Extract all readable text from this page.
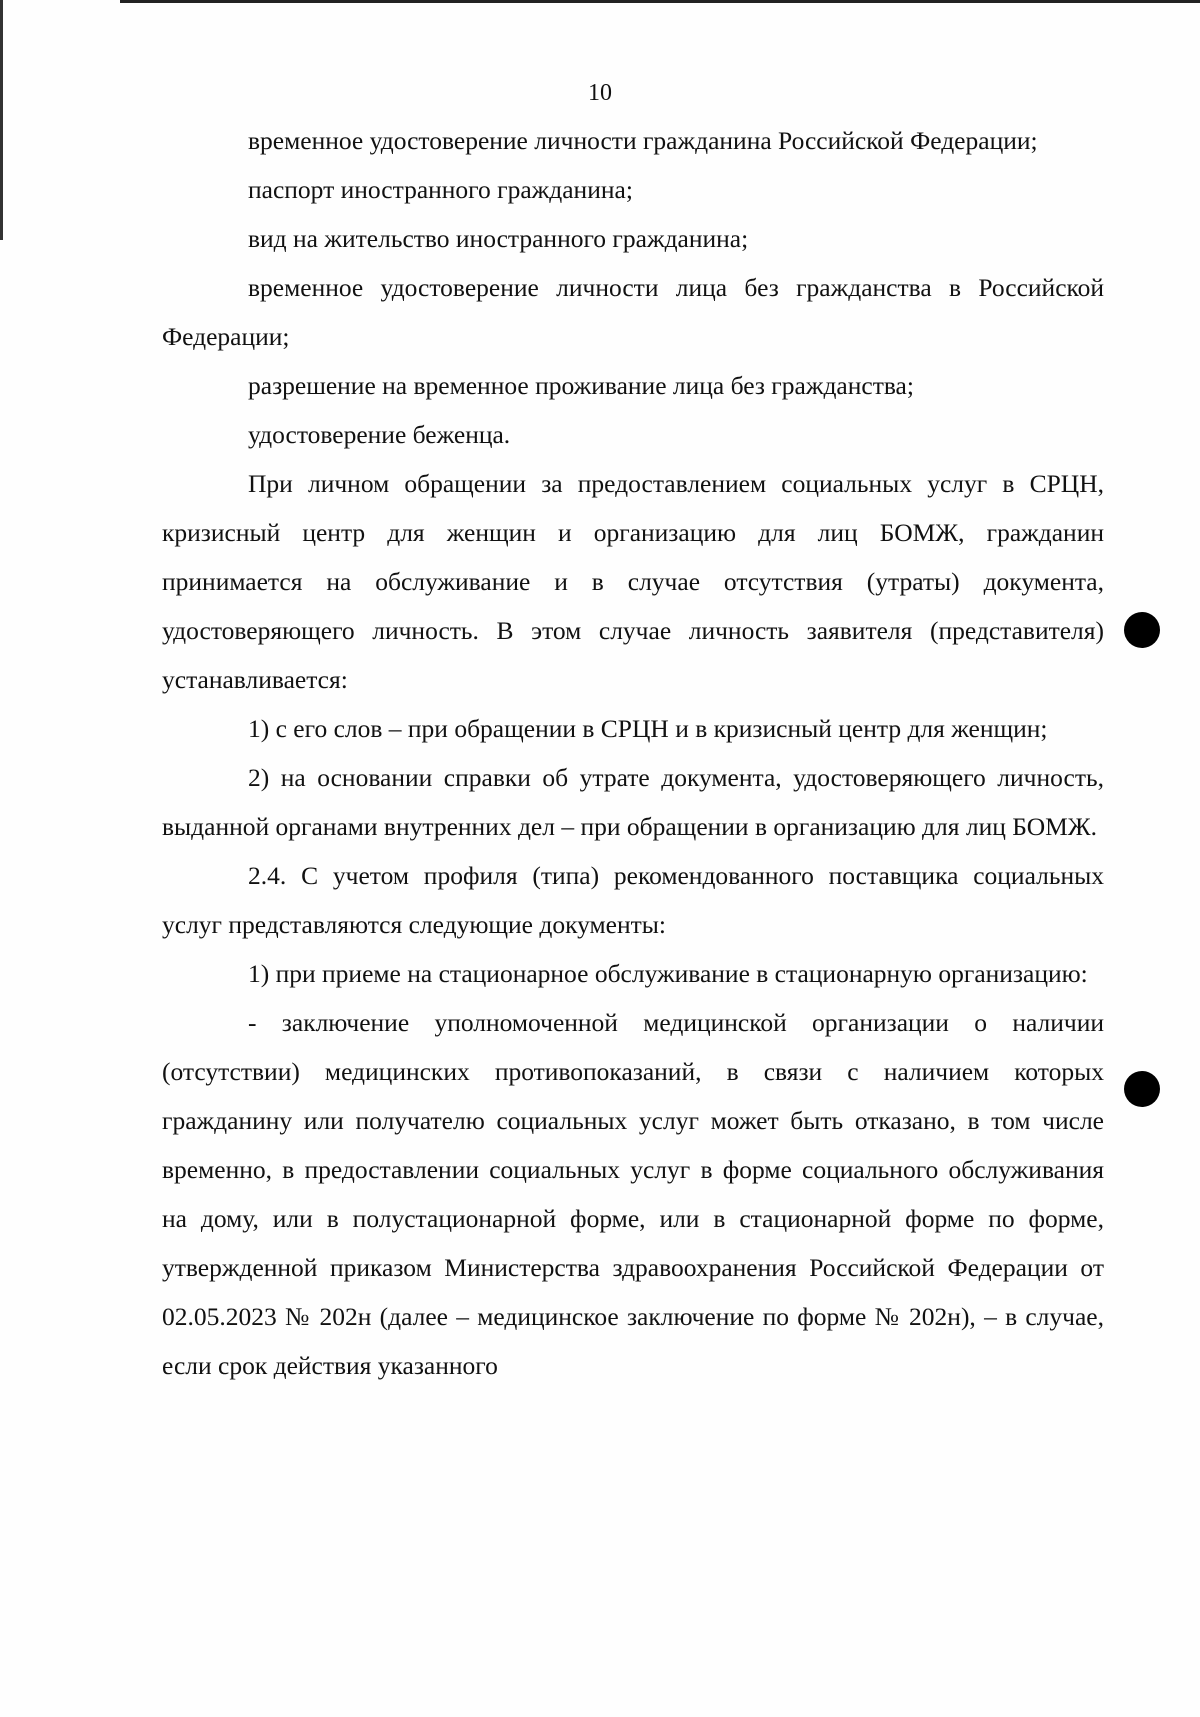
10

временное удостоверение личности гражданина Российской Федерации;

паспорт иностранного гражданина;

вид на жительство иностранного гражданина;

временное удостоверение личности лица без гражданства в Российской Федерации;

разрешение на временное проживание лица без гражданства;

удостоверение беженца.

При личном обращении за предоставлением социальных услуг в СРЦН, кризисный центр для женщин и организацию для лиц БОМЖ, гражданин принимается на обслуживание и в случае отсутствия (утраты) документа, удостоверяющего личность. В этом случае личность заявителя (представителя) устанавливается:

1) с его слов – при обращении в СРЦН и в кризисный центр для женщин;

2) на основании справки об утрате документа, удостоверяющего личность, выданной органами внутренних дел – при обращении в организацию для лиц БОМЖ.

2.4. С учетом профиля (типа) рекомендованного поставщика социальных услуг представляются следующие документы:

1) при приеме на стационарное обслуживание в стационарную организацию:

- заключение уполномоченной медицинской организации о наличии (отсутствии) медицинских противопоказаний, в связи с наличием которых гражданину или получателю социальных услуг может быть отказано, в том числе временно, в предоставлении социальных услуг в форме социального обслуживания на дому, или в полустационарной форме, или в стационарной форме по форме, утвержденной приказом Министерства здравоохранения Российской Федерации от 02.05.2023 № 202н (далее – медицинское заключение по форме № 202н), – в случае, если срок действия указанного
